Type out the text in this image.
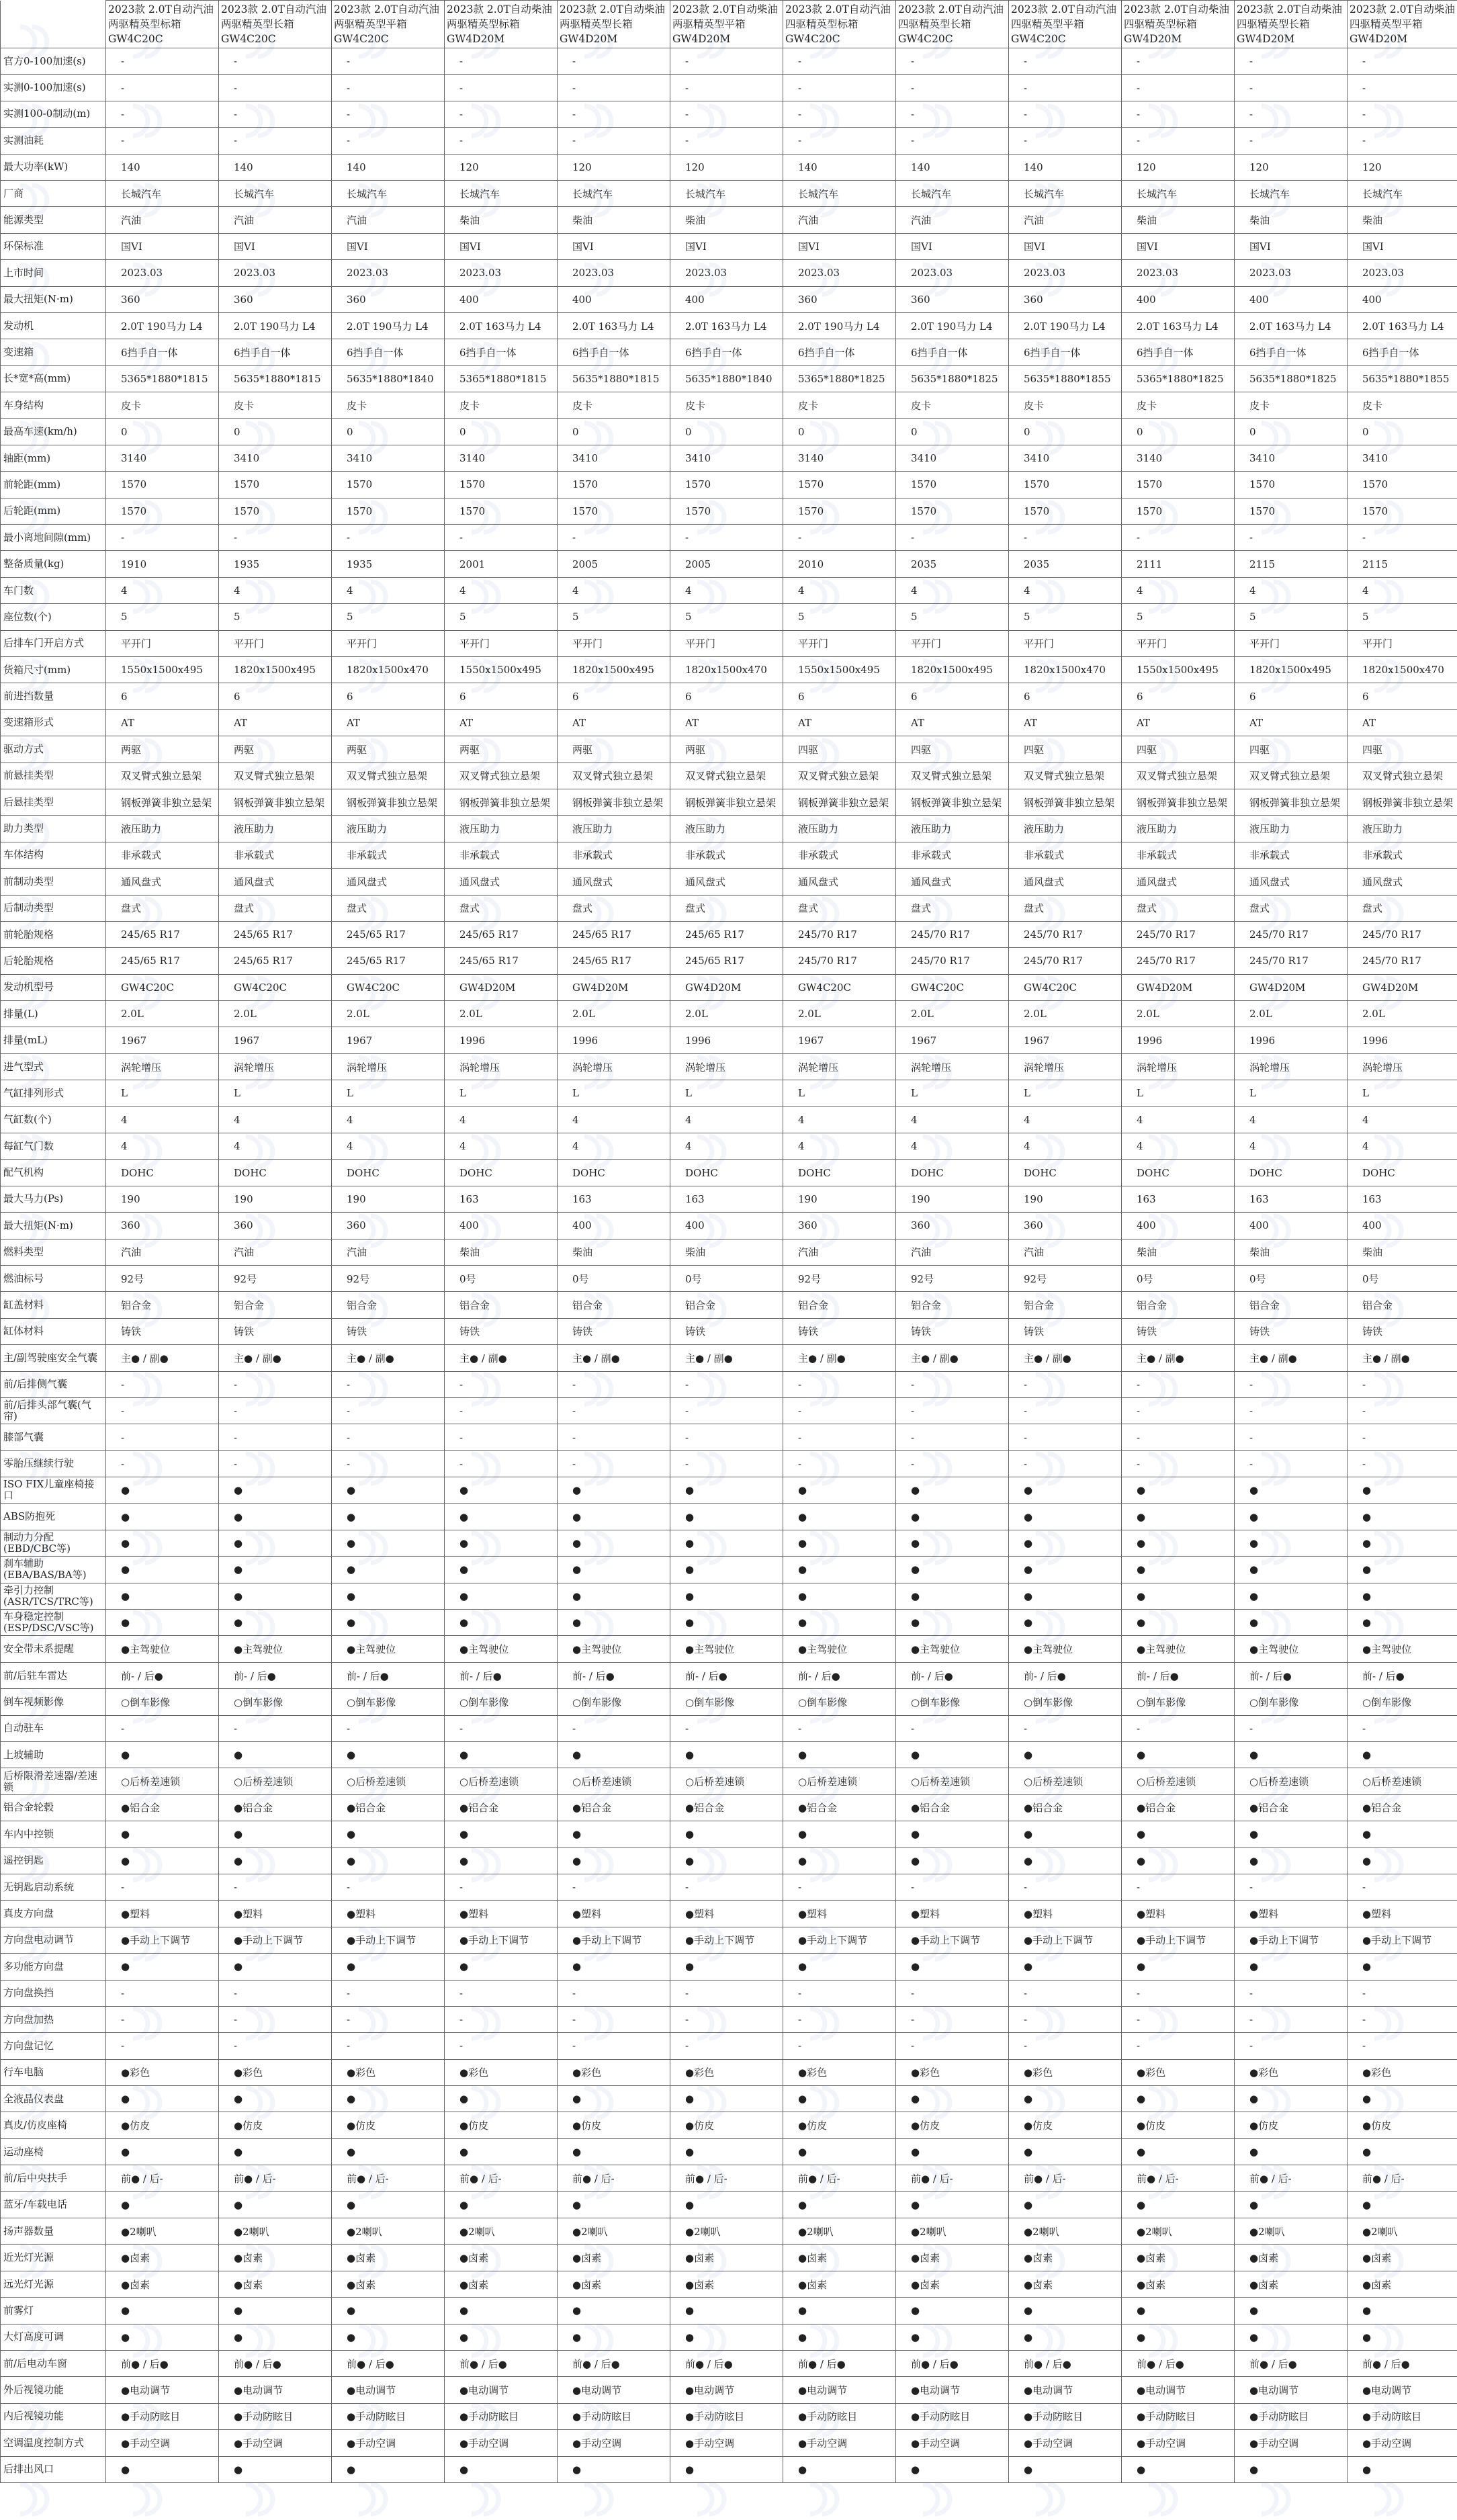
	2023款 2.0T自动汽油两驱精英型标箱GW4C20C	2023款 2.0T自动汽油两驱精英型长箱GW4C20C	2023款 2.0T自动汽油两驱精英型平箱GW4C20C	2023款 2.0T自动柴油两驱精英型标箱GW4D20M	2023款 2.0T自动柴油两驱精英型长箱GW4D20M	2023款 2.0T自动柴油两驱精英型平箱GW4D20M	2023款 2.0T自动汽油四驱精英型标箱GW4C20C	2023款 2.0T自动汽油四驱精英型长箱GW4C20C	2023款 2.0T自动汽油四驱精英型平箱GW4C20C	2023款 2.0T自动柴油四驱精英型标箱GW4D20M	2023款 2.0T自动柴油四驱精英型长箱GW4D20M	2023款 2.0T自动柴油四驱精英型平箱GW4D20M
官方0-100加速(s)	-	-	-	-	-	-	-	-	-	-	-	-
实测0-100加速(s)	-	-	-	-	-	-	-	-	-	-	-	-
实测100-0制动(m)	-	-	-	-	-	-	-	-	-	-	-	-
实测油耗	-	-	-	-	-	-	-	-	-	-	-	-
最大功率(kW)	140	140	140	120	120	120	140	140	140	120	120	120
厂商	长城汽车	长城汽车	长城汽车	长城汽车	长城汽车	长城汽车	长城汽车	长城汽车	长城汽车	长城汽车	长城汽车	长城汽车
能源类型	汽油	汽油	汽油	柴油	柴油	柴油	汽油	汽油	汽油	柴油	柴油	柴油
环保标准	国VI	国VI	国VI	国VI	国VI	国VI	国VI	国VI	国VI	国VI	国VI	国VI
上市时间	2023.03	2023.03	2023.03	2023.03	2023.03	2023.03	2023.03	2023.03	2023.03	2023.03	2023.03	2023.03
最大扭矩(N·m)	360	360	360	400	400	400	360	360	360	400	400	400
发动机	2.0T 190马力 L4	2.0T 190马力 L4	2.0T 190马力 L4	2.0T 163马力 L4	2.0T 163马力 L4	2.0T 163马力 L4	2.0T 190马力 L4	2.0T 190马力 L4	2.0T 190马力 L4	2.0T 163马力 L4	2.0T 163马力 L4	2.0T 163马力 L4
变速箱	6挡手自一体	6挡手自一体	6挡手自一体	6挡手自一体	6挡手自一体	6挡手自一体	6挡手自一体	6挡手自一体	6挡手自一体	6挡手自一体	6挡手自一体	6挡手自一体
长*宽*高(mm)	5365*1880*1815	5635*1880*1815	5635*1880*1840	5365*1880*1815	5635*1880*1815	5635*1880*1840	5365*1880*1825	5635*1880*1825	5635*1880*1855	5365*1880*1825	5635*1880*1825	5635*1880*1855
车身结构	皮卡	皮卡	皮卡	皮卡	皮卡	皮卡	皮卡	皮卡	皮卡	皮卡	皮卡	皮卡
最高车速(km/h)	0	0	0	0	0	0	0	0	0	0	0	0
轴距(mm)	3140	3410	3410	3140	3410	3410	3140	3410	3410	3140	3410	3410
前轮距(mm)	1570	1570	1570	1570	1570	1570	1570	1570	1570	1570	1570	1570
后轮距(mm)	1570	1570	1570	1570	1570	1570	1570	1570	1570	1570	1570	1570
最小离地间隙(mm)	-	-	-	-	-	-	-	-	-	-	-	-
整备质量(kg)	1910	1935	1935	2001	2005	2005	2010	2035	2035	2111	2115	2115
车门数	4	4	4	4	4	4	4	4	4	4	4	4
座位数(个)	5	5	5	5	5	5	5	5	5	5	5	5
后排车门开启方式	平开门	平开门	平开门	平开门	平开门	平开门	平开门	平开门	平开门	平开门	平开门	平开门
货箱尺寸(mm)	1550x1500x495	1820x1500x495	1820x1500x470	1550x1500x495	1820x1500x495	1820x1500x470	1550x1500x495	1820x1500x495	1820x1500x470	1550x1500x495	1820x1500x495	1820x1500x470
前进挡数量	6	6	6	6	6	6	6	6	6	6	6	6
变速箱形式	AT	AT	AT	AT	AT	AT	AT	AT	AT	AT	AT	AT
驱动方式	两驱	两驱	两驱	两驱	两驱	两驱	四驱	四驱	四驱	四驱	四驱	四驱
前悬挂类型	双叉臂式独立悬架	双叉臂式独立悬架	双叉臂式独立悬架	双叉臂式独立悬架	双叉臂式独立悬架	双叉臂式独立悬架	双叉臂式独立悬架	双叉臂式独立悬架	双叉臂式独立悬架	双叉臂式独立悬架	双叉臂式独立悬架	双叉臂式独立悬架
后悬挂类型	钢板弹簧非独立悬架	钢板弹簧非独立悬架	钢板弹簧非独立悬架	钢板弹簧非独立悬架	钢板弹簧非独立悬架	钢板弹簧非独立悬架	钢板弹簧非独立悬架	钢板弹簧非独立悬架	钢板弹簧非独立悬架	钢板弹簧非独立悬架	钢板弹簧非独立悬架	钢板弹簧非独立悬架
助力类型	液压助力	液压助力	液压助力	液压助力	液压助力	液压助力	液压助力	液压助力	液压助力	液压助力	液压助力	液压助力
车体结构	非承载式	非承载式	非承载式	非承载式	非承载式	非承载式	非承载式	非承载式	非承载式	非承载式	非承载式	非承载式
前制动类型	通风盘式	通风盘式	通风盘式	通风盘式	通风盘式	通风盘式	通风盘式	通风盘式	通风盘式	通风盘式	通风盘式	通风盘式
后制动类型	盘式	盘式	盘式	盘式	盘式	盘式	盘式	盘式	盘式	盘式	盘式	盘式
前轮胎规格	245/65 R17	245/65 R17	245/65 R17	245/65 R17	245/65 R17	245/65 R17	245/70 R17	245/70 R17	245/70 R17	245/70 R17	245/70 R17	245/70 R17
后轮胎规格	245/65 R17	245/65 R17	245/65 R17	245/65 R17	245/65 R17	245/65 R17	245/70 R17	245/70 R17	245/70 R17	245/70 R17	245/70 R17	245/70 R17
发动机型号	GW4C20C	GW4C20C	GW4C20C	GW4D20M	GW4D20M	GW4D20M	GW4C20C	GW4C20C	GW4C20C	GW4D20M	GW4D20M	GW4D20M
排量(L)	2.0L	2.0L	2.0L	2.0L	2.0L	2.0L	2.0L	2.0L	2.0L	2.0L	2.0L	2.0L
排量(mL)	1967	1967	1967	1996	1996	1996	1967	1967	1967	1996	1996	1996
进气型式	涡轮增压	涡轮增压	涡轮增压	涡轮增压	涡轮增压	涡轮增压	涡轮增压	涡轮增压	涡轮增压	涡轮增压	涡轮增压	涡轮增压
气缸排列形式	L	L	L	L	L	L	L	L	L	L	L	L
气缸数(个)	4	4	4	4	4	4	4	4	4	4	4	4
每缸气门数	4	4	4	4	4	4	4	4	4	4	4	4
配气机构	DOHC	DOHC	DOHC	DOHC	DOHC	DOHC	DOHC	DOHC	DOHC	DOHC	DOHC	DOHC
最大马力(Ps)	190	190	190	163	163	163	190	190	190	163	163	163
最大扭矩(N·m)	360	360	360	400	400	400	360	360	360	400	400	400
燃料类型	汽油	汽油	汽油	柴油	柴油	柴油	汽油	汽油	汽油	柴油	柴油	柴油
燃油标号	92号	92号	92号	0号	0号	0号	92号	92号	92号	0号	0号	0号
缸盖材料	铝合金	铝合金	铝合金	铝合金	铝合金	铝合金	铝合金	铝合金	铝合金	铝合金	铝合金	铝合金
缸体材料	铸铁	铸铁	铸铁	铸铁	铸铁	铸铁	铸铁	铸铁	铸铁	铸铁	铸铁	铸铁
主/副驾驶座安全气囊	主● / 副●	主● / 副●	主● / 副●	主● / 副●	主● / 副●	主● / 副●	主● / 副●	主● / 副●	主● / 副●	主● / 副●	主● / 副●	主● / 副●
前/后排侧气囊	-	-	-	-	-	-	-	-	-	-	-	-
前/后排头部气囊(气帘)	-	-	-	-	-	-	-	-	-	-	-	-
膝部气囊	-	-	-	-	-	-	-	-	-	-	-	-
零胎压继续行驶	-	-	-	-	-	-	-	-	-	-	-	-
ISO FIX儿童座椅接口	●	●	●	●	●	●	●	●	●	●	●	●
ABS防抱死	●	●	●	●	●	●	●	●	●	●	●	●
制动力分配(EBD/CBC等)	●	●	●	●	●	●	●	●	●	●	●	●
刹车辅助(EBA/BAS/BA等)	●	●	●	●	●	●	●	●	●	●	●	●
牵引力控制(ASR/TCS/TRC等)	●	●	●	●	●	●	●	●	●	●	●	●
车身稳定控制(ESP/DSC/VSC等)	●	●	●	●	●	●	●	●	●	●	●	●
安全带未系提醒	●主驾驶位	●主驾驶位	●主驾驶位	●主驾驶位	●主驾驶位	●主驾驶位	●主驾驶位	●主驾驶位	●主驾驶位	●主驾驶位	●主驾驶位	●主驾驶位
前/后驻车雷达	前- / 后●	前- / 后●	前- / 后●	前- / 后●	前- / 后●	前- / 后●	前- / 后●	前- / 后●	前- / 后●	前- / 后●	前- / 后●	前- / 后●
倒车视频影像	○倒车影像	○倒车影像	○倒车影像	○倒车影像	○倒车影像	○倒车影像	○倒车影像	○倒车影像	○倒车影像	○倒车影像	○倒车影像	○倒车影像
自动驻车	-	-	-	-	-	-	-	-	-	-	-	-
上坡辅助	●	●	●	●	●	●	●	●	●	●	●	●
后桥限滑差速器/差速锁	○后桥差速锁	○后桥差速锁	○后桥差速锁	○后桥差速锁	○后桥差速锁	○后桥差速锁	○后桥差速锁	○后桥差速锁	○后桥差速锁	○后桥差速锁	○后桥差速锁	○后桥差速锁
铝合金轮毂	●铝合金	●铝合金	●铝合金	●铝合金	●铝合金	●铝合金	●铝合金	●铝合金	●铝合金	●铝合金	●铝合金	●铝合金
车内中控锁	●	●	●	●	●	●	●	●	●	●	●	●
遥控钥匙	●	●	●	●	●	●	●	●	●	●	●	●
无钥匙启动系统	-	-	-	-	-	-	-	-	-	-	-	-
真皮方向盘	●塑料	●塑料	●塑料	●塑料	●塑料	●塑料	●塑料	●塑料	●塑料	●塑料	●塑料	●塑料
方向盘电动调节	●手动上下调节	●手动上下调节	●手动上下调节	●手动上下调节	●手动上下调节	●手动上下调节	●手动上下调节	●手动上下调节	●手动上下调节	●手动上下调节	●手动上下调节	●手动上下调节
多功能方向盘	●	●	●	●	●	●	●	●	●	●	●	●
方向盘换挡	-	-	-	-	-	-	-	-	-	-	-	-
方向盘加热	-	-	-	-	-	-	-	-	-	-	-	-
方向盘记忆	-	-	-	-	-	-	-	-	-	-	-	-
行车电脑	●彩色	●彩色	●彩色	●彩色	●彩色	●彩色	●彩色	●彩色	●彩色	●彩色	●彩色	●彩色
全液晶仪表盘	●	●	●	●	●	●	●	●	●	●	●	●
真皮/仿皮座椅	●仿皮	●仿皮	●仿皮	●仿皮	●仿皮	●仿皮	●仿皮	●仿皮	●仿皮	●仿皮	●仿皮	●仿皮
运动座椅	●	●	●	●	●	●	●	●	●	●	●	●
前/后中央扶手	前● / 后-	前● / 后-	前● / 后-	前● / 后-	前● / 后-	前● / 后-	前● / 后-	前● / 后-	前● / 后-	前● / 后-	前● / 后-	前● / 后-
蓝牙/车载电话	●	●	●	●	●	●	●	●	●	●	●	●
扬声器数量	●2喇叭	●2喇叭	●2喇叭	●2喇叭	●2喇叭	●2喇叭	●2喇叭	●2喇叭	●2喇叭	●2喇叭	●2喇叭	●2喇叭
近光灯光源	●卤素	●卤素	●卤素	●卤素	●卤素	●卤素	●卤素	●卤素	●卤素	●卤素	●卤素	●卤素
远光灯光源	●卤素	●卤素	●卤素	●卤素	●卤素	●卤素	●卤素	●卤素	●卤素	●卤素	●卤素	●卤素
前雾灯	●	●	●	●	●	●	●	●	●	●	●	●
大灯高度可调	●	●	●	●	●	●	●	●	●	●	●	●
前/后电动车窗	前● / 后●	前● / 后●	前● / 后●	前● / 后●	前● / 后●	前● / 后●	前● / 后●	前● / 后●	前● / 后●	前● / 后●	前● / 后●	前● / 后●
外后视镜功能	●电动调节	●电动调节	●电动调节	●电动调节	●电动调节	●电动调节	●电动调节	●电动调节	●电动调节	●电动调节	●电动调节	●电动调节
内后视镜功能	●手动防眩目	●手动防眩目	●手动防眩目	●手动防眩目	●手动防眩目	●手动防眩目	●手动防眩目	●手动防眩目	●手动防眩目	●手动防眩目	●手动防眩目	●手动防眩目
空调温度控制方式	●手动空调	●手动空调	●手动空调	●手动空调	●手动空调	●手动空调	●手动空调	●手动空调	●手动空调	●手动空调	●手动空调	●手动空调
后排出风口	●	●	●	●	●	●	●	●	●	●	●	●
